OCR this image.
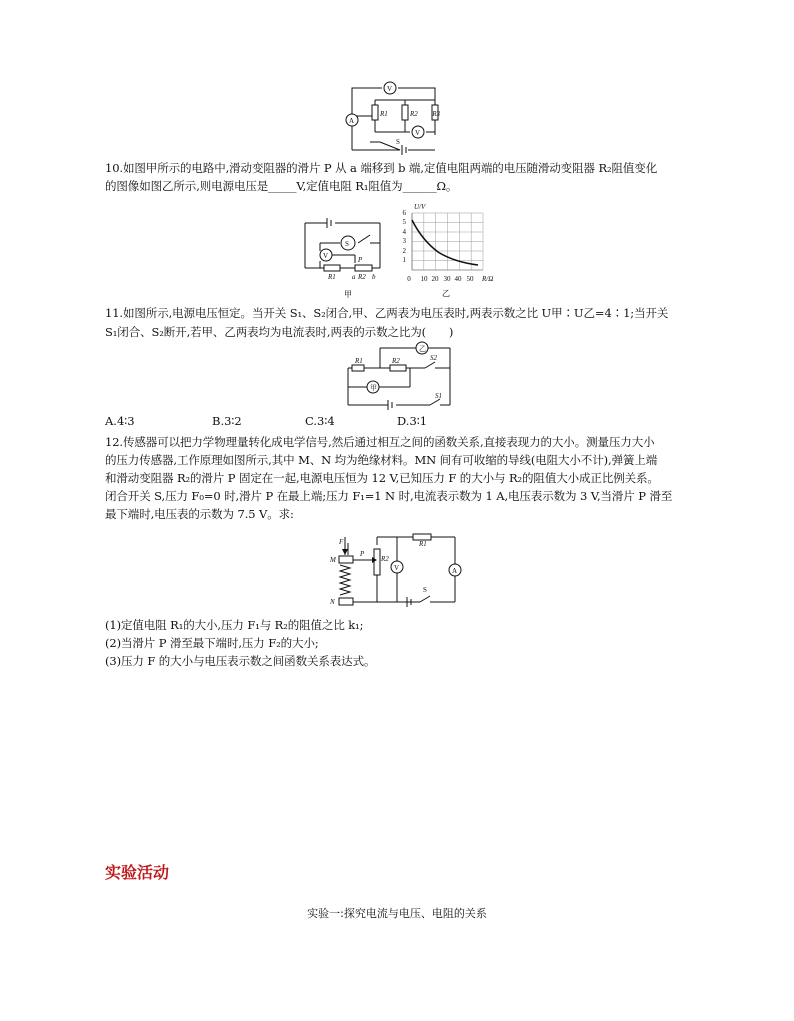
V
A
V
R1	R2 R3
S
10.如图甲所示的电路中,滑动变阻器的滑片 P 从 a 端移到 b 端,定值电阻两端的电压随滑动变阻器 R₂阻值变化
的图像如图乙所示,则电源电压是_____V,定值电阻 R₁阻值为______Ω。
S
V	P
R1 a R2 b
甲
U/V
R/Ω
6
5
4
3
2
1
0 10 20 30 40 50
乙
11.如图所示,电源电压恒定。当开关 S₁、S₂闭合,甲、乙两表为电压表时,两表示数之比 U甲∶U乙=4∶1;当开关
S₁闭合、S₂断开,若甲、乙两表均为电流表时,两表的示数之比为(　　)
乙
甲
R1	R2	S2
S1
A.4∶3	B.3∶2	C.3∶4	D.3∶1
12.传感器可以把力学物理量转化成电学信号,然后通过相互之间的函数关系,直接表现力的大小。测量压力大小
的压力传感器,工作原理如图所示,其中 M、N 均为绝缘材料。MN 间有可收缩的导线(电阻大小不计),弹簧上端
和滑动变阻器 R₂的滑片 P 固定在一起,电源电压恒为 12 V,已知压力 F 的大小与 R₂的阻值大小成正比例关系。
闭合开关 S,压力 F₀=0 时,滑片 P 在最上端;压力 F₁=1 N 时,电流表示数为 1 A,电压表示数为 3 V,当滑片 P 滑至
最下端时,电压表的示数为 7.5 V。求:
F
M
N
P
R2
R1
V	A
S
(1)定值电阻 R₁的大小,压力 F₁与 R₂的阻值之比 k₁;
(2)当滑片 P 滑至最下端时,压力 F₂的大小;
(3)压力 F 的大小与电压表示数之间函数关系表达式。
实验活动
实验一:探究电流与电压、电阻的关系
